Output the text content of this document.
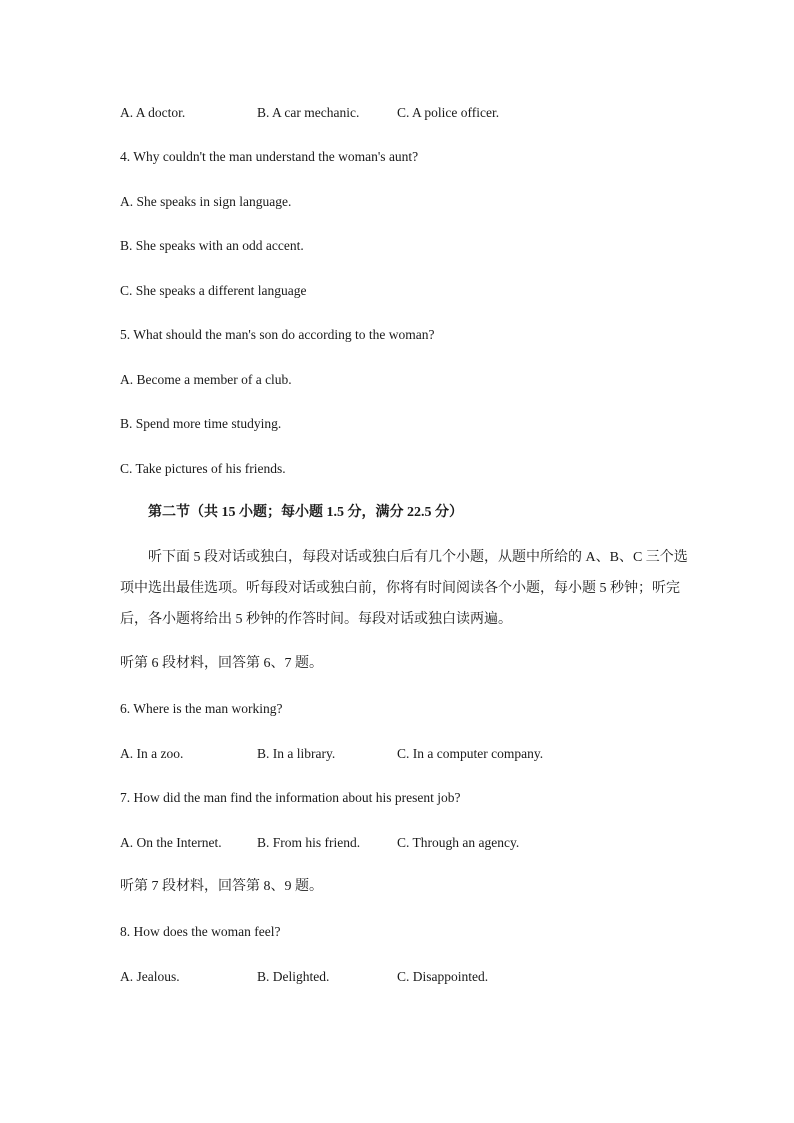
A. A doctor.	B. A car mechanic.	C. A police officer.
4. Why couldn't the man understand the woman's aunt?
A. She speaks in sign language.
B. She speaks with an odd accent.
C. She speaks a different language
5. What should the man's son do according to the woman?
A. Become a member of a club.
B. Spend more time studying.
C. Take pictures of his friends.
第二节（共 15 小题；每小题 1.5 分，满分 22.5 分）
听下面 5 段对话或独白，每段对话或独白后有几个小题，从题中所给的 A、B、C 三个选
项中选出最佳选项。听每段对话或独白前，你将有时间阅读各个小题，每小题 5 秒钟；听完
后，各小题将给出 5 秒钟的作答时间。每段对话或独白读两遍。
听第 6 段材料，回答第 6、7 题。
6. Where is the man working?
A. In a zoo.	B. In a library.	C. In a computer company.
7. How did the man find the information about his present job?
A. On the Internet.	B. From his friend.	C. Through an agency.
听第 7 段材料，回答第 8、9 题。
8. How does the woman feel?
A. Jealous.	B. Delighted.	C. Disappointed.
